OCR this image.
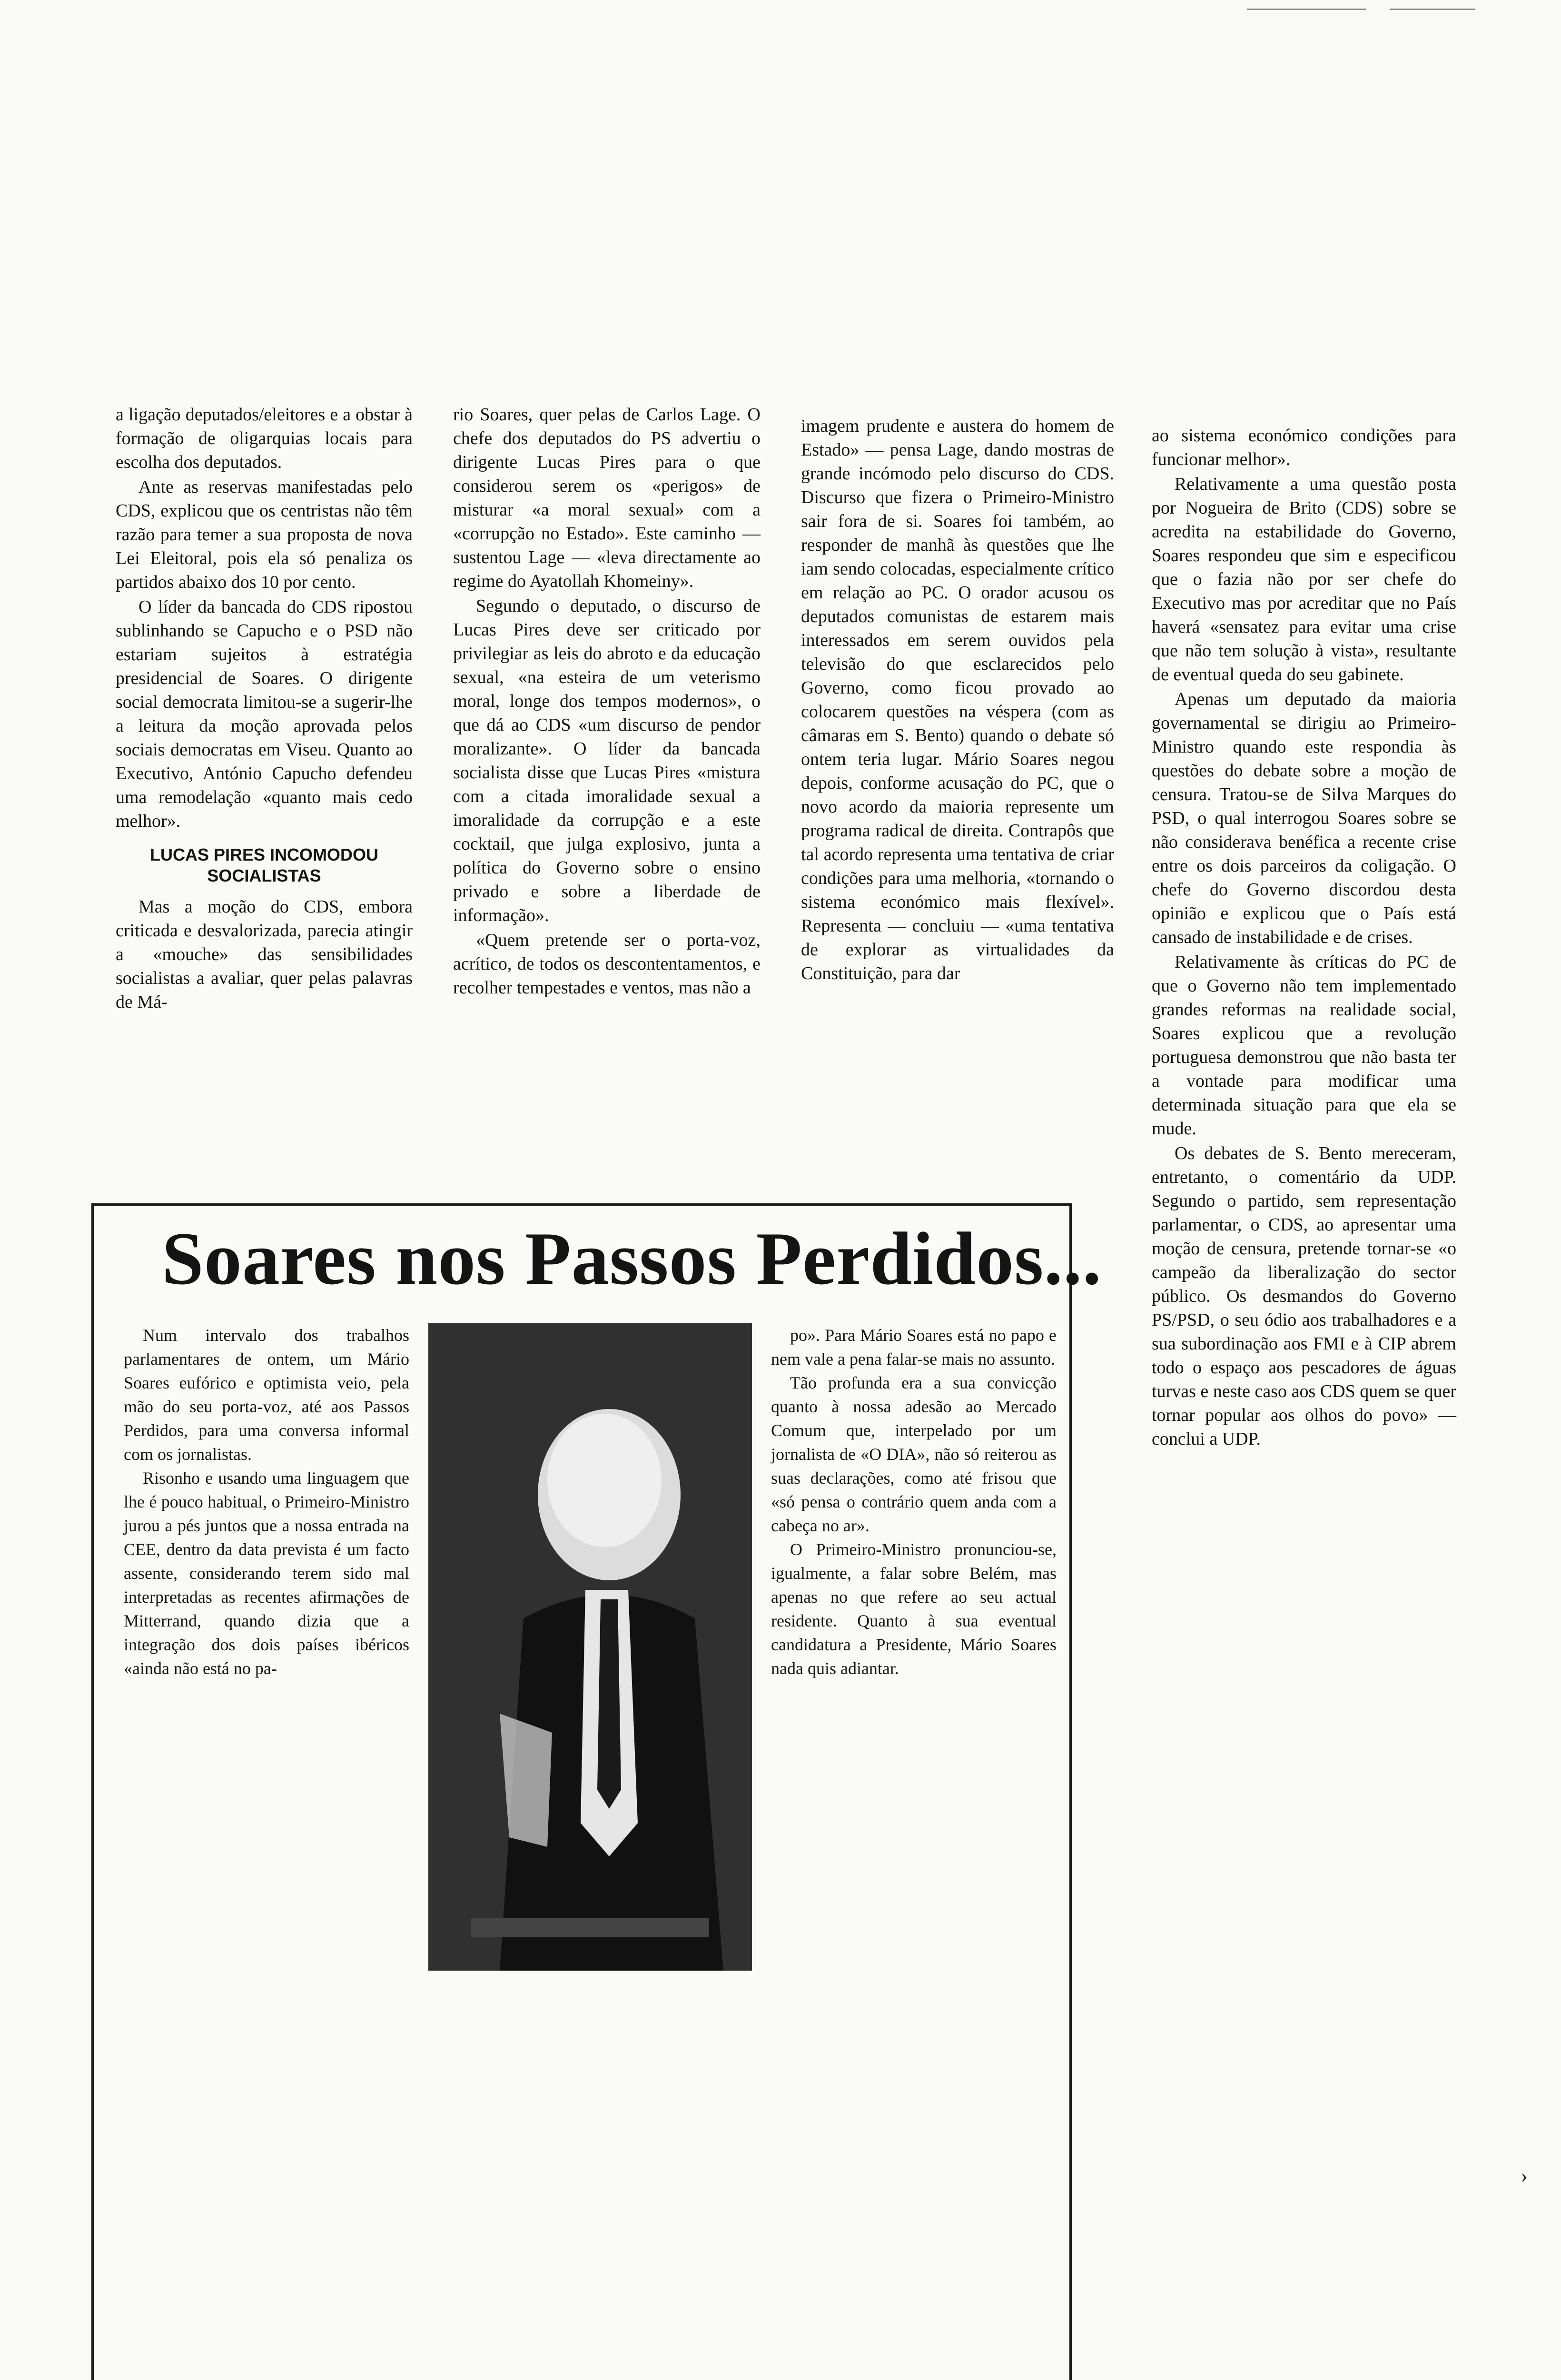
a ligação deputados/eleitores e a obstar à formação de oligarquias locais para escolha dos deputados.

Ante as reservas manifestadas pelo CDS, explicou que os centristas não têm razão para temer a sua proposta de nova Lei Eleitoral, pois ela só penaliza os partidos abaixo dos 10 por cento.

O líder da bancada do CDS ripostou sublinhando se Capucho e o PSD não estariam sujeitos à estratégia presidencial de Soares. O dirigente social democrata limitou-se a sugerir-lhe a leitura da moção aprovada pelos sociais democratas em Viseu. Quanto ao Executivo, António Capucho defendeu uma remodelação «quanto mais cedo melhor».

LUCAS PIRES INCOMODOU SOCIALISTAS

Mas a moção do CDS, embora criticada e desvalorizada, parecia atingir a «mouche» das sensibilidades socialistas a avaliar, quer pelas palavras de Má-

rio Soares, quer pelas de Carlos Lage. O chefe dos deputados do PS advertiu o dirigente Lucas Pires para o que considerou serem os «perigos» de misturar «a moral sexual» com a «corrupção no Estado». Este caminho — sustentou Lage — «leva directamente ao regime do Ayatollah Khomeiny».

Segundo o deputado, o discurso de Lucas Pires deve ser criticado por privilegiar as leis do abroto e da educação sexual, «na esteira de um veterismo moral, longe dos tempos modernos», o que dá ao CDS «um discurso de pendor moralizante». O líder da bancada socialista disse que Lucas Pires «mistura com a citada imoralidade sexual a imoralidade da corrupção e a este cocktail, que julga explosivo, junta a política do Governo sobre o ensino privado e sobre a liberdade de informação».

«Quem pretende ser o porta-voz, acrítico, de todos os descontentamentos, e recolher tempestades e ventos, mas não a

imagem prudente e austera do homem de Estado» — pensa Lage, dando mostras de grande incómodo pelo discurso do CDS. Discurso que fizera o Primeiro-Ministro sair fora de si. Soares foi também, ao responder de manhã às questões que lhe iam sendo colocadas, especialmente crítico em relação ao PC. O orador acusou os deputados comunistas de estarem mais interessados em serem ouvidos pela televisão do que esclarecidos pelo Governo, como ficou provado ao colocarem questões na véspera (com as câmaras em S. Bento) quando o debate só ontem teria lugar. Mário Soares negou depois, conforme acusação do PC, que o novo acordo da maioria represente um programa radical de direita. Contrapôs que tal acordo representa uma tentativa de criar condições para uma melhoria, «tornando o sistema económico mais flexível». Representa — concluiu — «uma tentativa de explorar as virtualidades da Constituição, para dar

ao sistema económico condições para funcionar melhor».

Relativamente a uma questão posta por Nogueira de Brito (CDS) sobre se acredita na estabilidade do Governo, Soares respondeu que sim e especificou que o fazia não por ser chefe do Executivo mas por acreditar que no País haverá «sensatez para evitar uma crise que não tem solução à vista», resultante de eventual queda do seu gabinete.

Apenas um deputado da maioria governamental se dirigiu ao Primeiro-Ministro quando este respondia às questões do debate sobre a moção de censura. Tratou-se de Silva Marques do PSD, o qual interrogou Soares sobre se não considerava benéfica a recente crise entre os dois parceiros da coligação. O chefe do Governo discordou desta opinião e explicou que o País está cansado de instabilidade e de crises.

Relativamente às críticas do PC de que o Governo não tem implementado grandes reformas na realidade social, Soares explicou que a revolução portuguesa demonstrou que não basta ter a vontade para modificar uma determinada situação para que ela se mude.

Os debates de S. Bento mereceram, entretanto, o comentário da UDP. Segundo o partido, sem representação parlamentar, o CDS, ao apresentar uma moção de censura, pretende tornar-se «o campeão da liberalização do sector público. Os desmandos do Governo PS/PSD, o seu ódio aos trabalhadores e a sua subordinação aos FMI e à CIP abrem todo o espaço aos pescadores de águas turvas e neste caso aos CDS quem se quer tornar popular aos olhos do povo» — conclui a UDP.

Soares nos Passos Perdidos...

Num intervalo dos trabalhos parlamentares de ontem, um Mário Soares eufórico e optimista veio, pela mão do seu porta-voz, até aos Passos Perdidos, para uma conversa informal com os jornalistas.

Risonho e usando uma linguagem que lhe é pouco habitual, o Primeiro-Ministro jurou a pés juntos que a nossa entrada na CEE, dentro da data prevista é um facto assente, considerando terem sido mal interpretadas as recentes afirmações de Mitterrand, quando dizia que a integração dos dois países ibéricos «ainda não está no pa-

po». Para Mário Soares está no papo e nem vale a pena falar-se mais no assunto.

Tão profunda era a sua convicção quanto à nossa adesão ao Mercado Comum que, interpelado por um jornalista de «O DIA», não só reiterou as suas declarações, como até frisou que «só pensa o contrário quem anda com a cabeça no ar».

O Primeiro-Ministro pronunciou-se, igualmente, a falar sobre Belém, mas apenas no que refere ao seu actual residente. Quanto à sua eventual candidatura a Presidente, Mário Soares nada quis adiantar.

›
